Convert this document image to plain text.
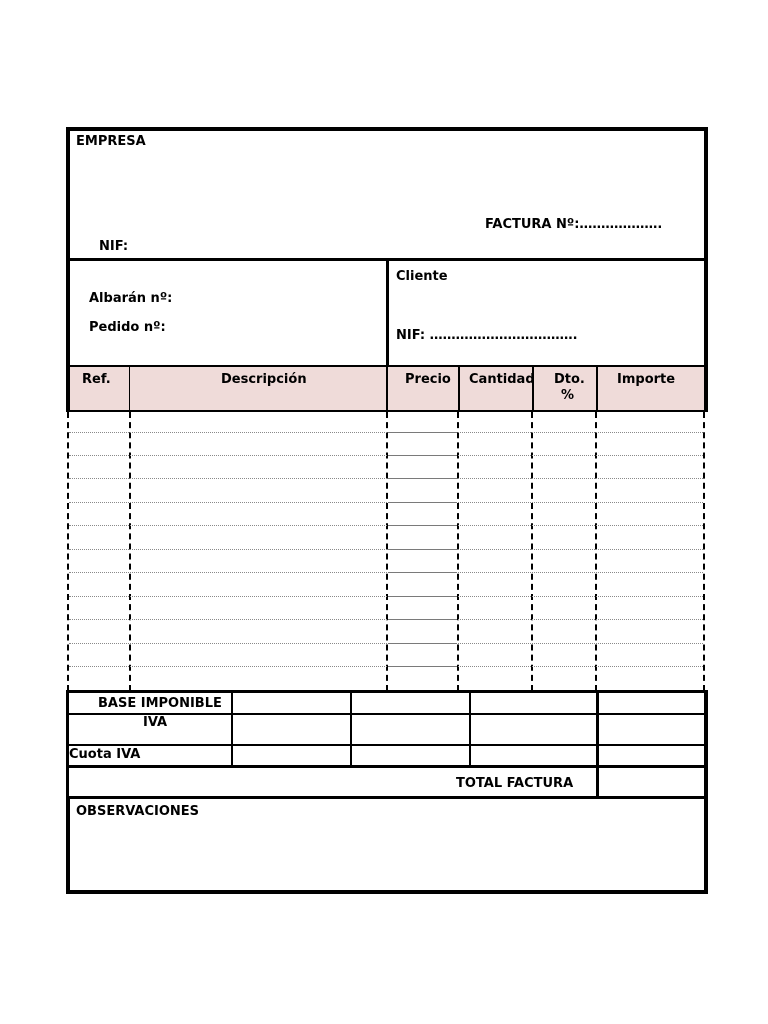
EMPRESA
FACTURA Nº:……………….
NIF:
Albarán nº:
Pedido nº:
Cliente
NIF: …………………………….
Ref.	Descripción	Precio Cantidad Dto.
%
Importe
BASE IMPONIBLE
IVA
Cuota IVA
TOTAL FACTURA
OBSERVACIONES
